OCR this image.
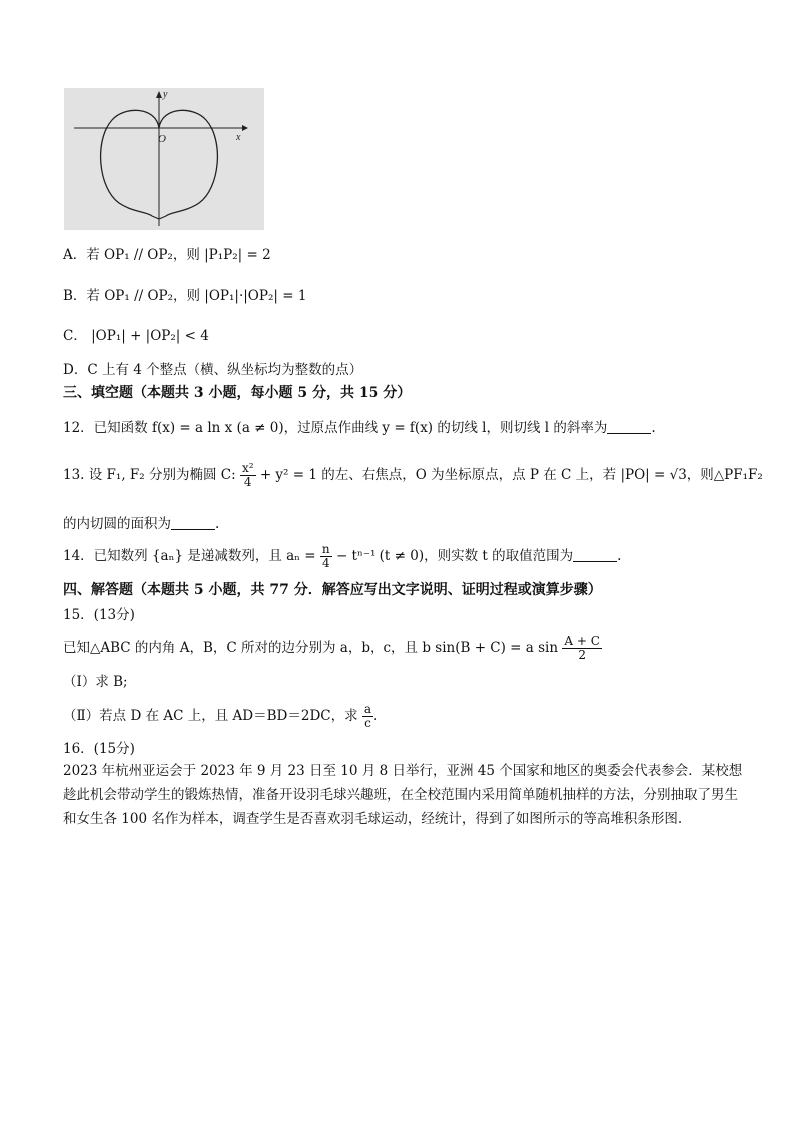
y
x
O
A．若 OP₁ // OP₂，则 |P₁P₂| = 2
B．若 OP₁ // OP₂，则 |OP₁|·|OP₂| = 1
C． |OP₁| + |OP₂| < 4
D．C 上有 4 个整点（横、纵坐标均为整数的点）
三、填空题（本题共 3 小题，每小题 5 分，共 15 分）
12．已知函数 f(x) = a ln x (a ≠ 0)，过原点作曲线 y = f(x) 的切线 l，则切线 l 的斜率为	.
13. 设 F₁, F₂ 分别为椭圆 C: $\frac{\text{x²}}{4} + y^2 = 1$ 的左、右焦点，O 为坐标原点，点 P 在 C 上，若 |PO| = √3，则△PF₁F₂
的内切圆的面积为	.
14．已知数列 {aₙ} 是递减数列，且 $a_n = \frac{n}{4} - t^{n-1}$ (t ≠ 0)，则实数 t 的取值范围为	.
四、解答题（本题共 5 小题，共 77 分．解答应写出文字说明、证明过程或演算步骤）
15．(13分)
已知△ABC 的内角 A，B，C 所对的边分别为 a，b，c，且 b sin(B + C) = a $\sin \frac{A + C}{2}$
（Ⅰ）求 B;
（Ⅱ）若点 D 在 AC 上，且 AD＝BD＝2DC，求 $\frac{a}{c}$ .
16．(15分)
2023 年杭州亚运会于 2023 年 9 月 23 日至 10 月 8 日举行，亚洲 45 个国家和地区的奥委会代表参会．某校想趁此机会带动学生的锻炼热情，准备开设羽毛球兴趣班，在全校范围内采用简单随机抽样的方法，分别抽取了男生和女生各 100 名作为样本，调查学生是否喜欢羽毛球运动，经统计，得到了如图所示的等高堆积条形图.
